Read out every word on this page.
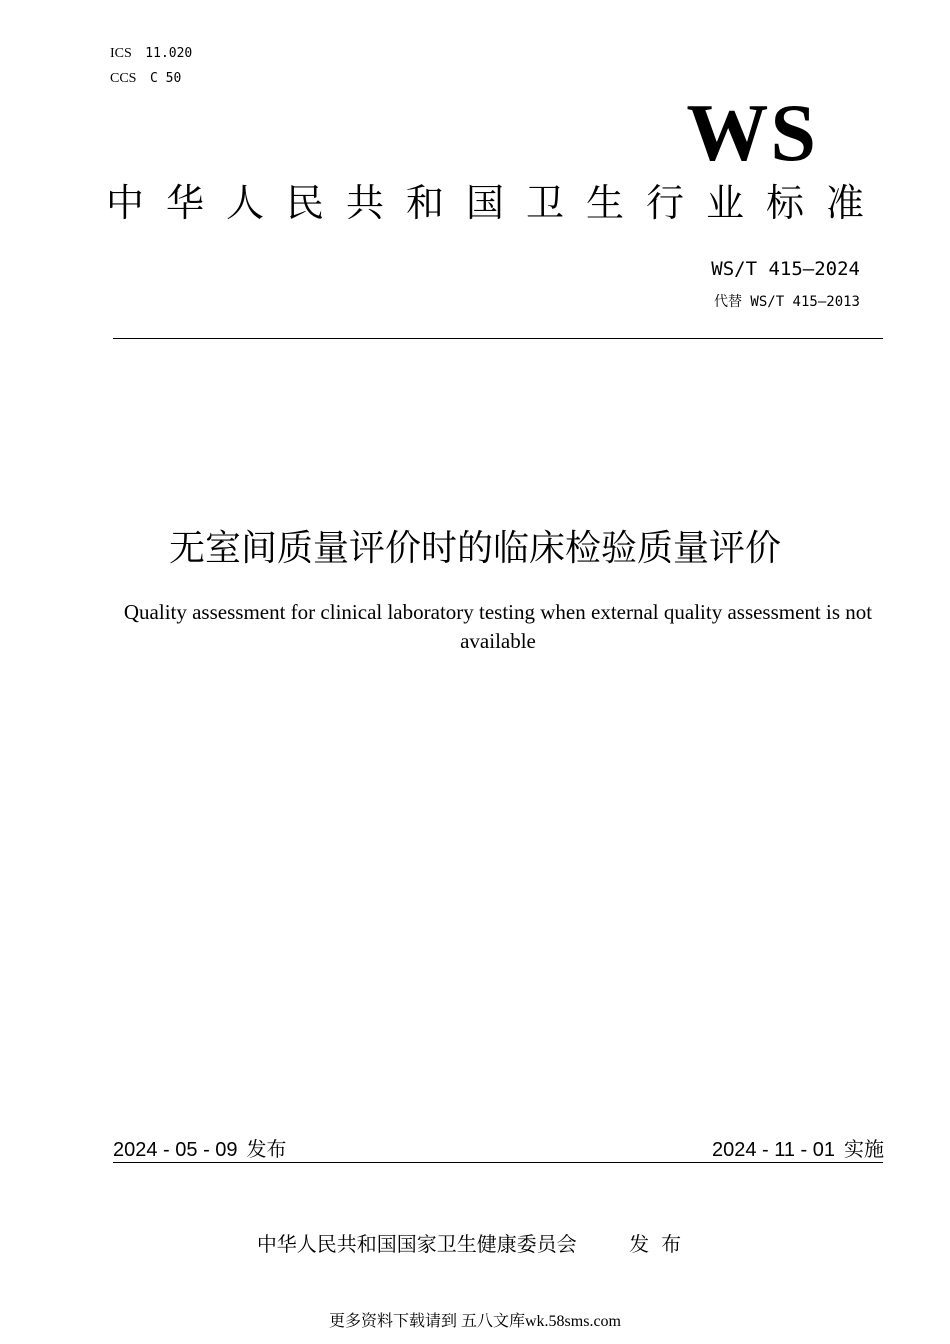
ICS 11.020
CCS C 50
WS
中华人民共和国卫生行业标准
WS/T 415—2024
代替 WS/T 415—2013
无室间质量评价时的临床检验质量评价
Quality assessment for clinical laboratory testing when external quality assessment is not available
2024 - 05 - 09 发布	2024 - 11 - 01 实施
中华人民共和国国家卫生健康委员会	发布
更多资料下载请到 五八文库wk.58sms.com
